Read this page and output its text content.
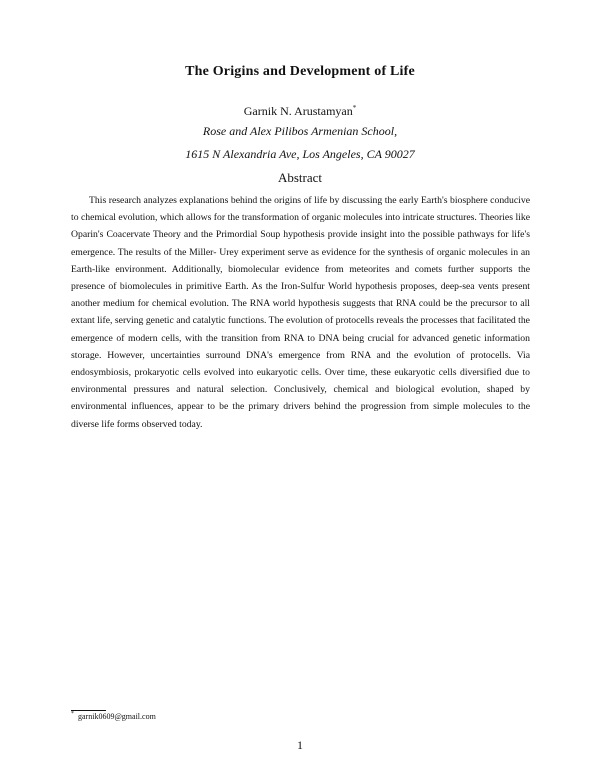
The Origins and Development of Life
Garnik N. Arustamyan*
Rose and Alex Pilibos Armenian School,
1615 N Alexandria Ave, Los Angeles, CA 90027
Abstract
This research analyzes explanations behind the origins of life by discussing the early Earth's biosphere conducive to chemical evolution, which allows for the transformation of organic molecules into intricate structures. Theories like Oparin's Coacervate Theory and the Primordial Soup hypothesis provide insight into the possible pathways for life's emergence. The results of the Miller- Urey experiment serve as evidence for the synthesis of organic molecules in an Earth-like environment. Additionally, biomolecular evidence from meteorites and comets further supports the presence of biomolecules in primitive Earth. As the Iron-Sulfur World hypothesis proposes, deep-sea vents present another medium for chemical evolution. The RNA world hypothesis suggests that RNA could be the precursor to all extant life, serving genetic and catalytic functions. The evolution of protocells reveals the processes that facilitated the emergence of modern cells, with the transition from RNA to DNA being crucial for advanced genetic information storage. However, uncertainties surround DNA's emergence from RNA and the evolution of protocells. Via endosymbiosis, prokaryotic cells evolved into eukaryotic cells. Over time, these eukaryotic cells diversified due to environmental pressures and natural selection. Conclusively, chemical and biological evolution, shaped by environmental influences, appear to be the primary drivers behind the progression from simple molecules to the diverse life forms observed today.
* garnik0609@gmail.com
1
